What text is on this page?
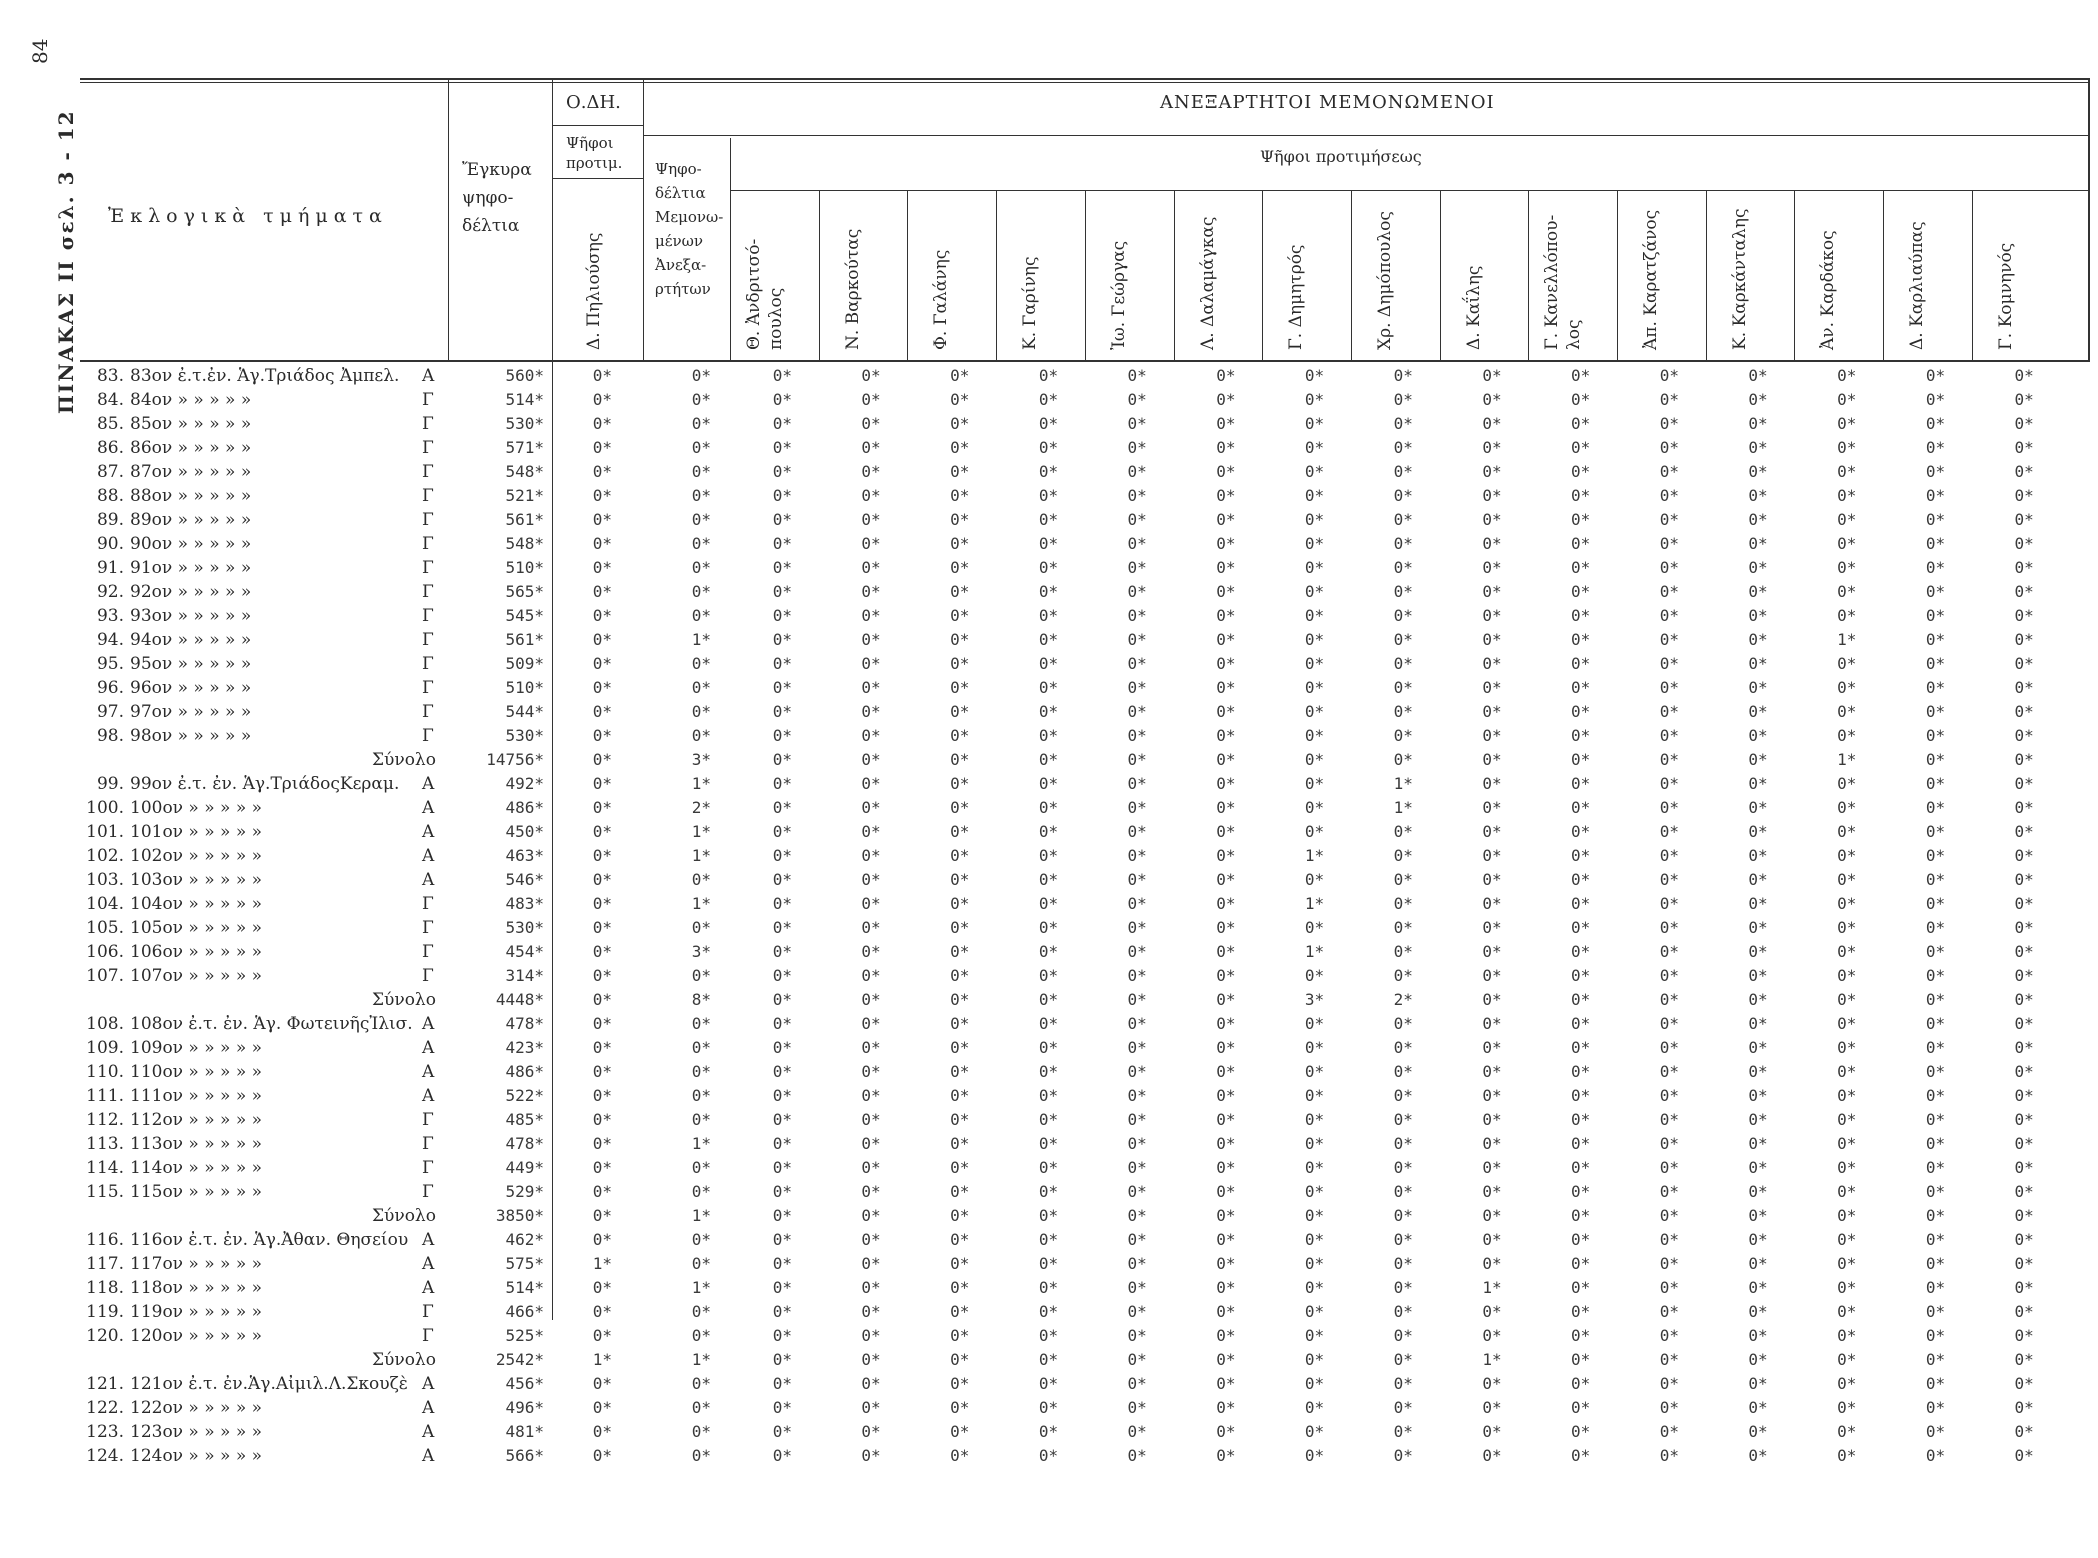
84
ΠΙΝΑΚΑΣ II σελ. 3 - 12 Ἐκλογικὰ τμήματα
Ἔγκυρα
ψηφο-
δέλτια
Ο.ΔΗ.
Ψῆφοι
προτιμ.
Δ. Πηλιούσης
ΑΝΕΞΑΡΤΗΤΟΙ ΜΕΜΟΝΩΜΕΝΟΙ
Ψηφο-
δέλτια
Μεμονω-
μένων
Ἀνεξα-
ρτήτων
Ψῆφοι προτιμήσεως
Θ. Ἀνδριτσό- πουλος	Ν. Βαρκούτας	Φ. Γαλάνης	Κ. Γαρίνης	Ἰω. Γεώργας	Λ. Δαλαμάγκας	Γ. Δημητρός	Χρ. Δημόπουλος	Δ. Καΐλης	Γ. Κανελλόπου- λος	Ἀπ. Καρατζάνος	Κ. Καρκάνταλης	Ἀν. Καρδάκος	Δ. Καρλιαύπας	Γ. Κομνηνός
83. 83ον ἐ.τ.ἐν. Ἁγ.Τριάδος Ἀμπελ. A	560*	0*	0*	0*	0*	0*	0*	0*	0*	0*	0*	0*	0*	0*	0*	0*	0*	0*
84. 84ον » » » » »	Γ	514*	0*	0*	0*	0*	0*	0*	0*	0*	0*	0*	0*	0*	0*	0*	0*	0*	0*
85. 85ον » » » » »	Γ	530*	0*	0*	0*	0*	0*	0*	0*	0*	0*	0*	0*	0*	0*	0*	0*	0*	0*
86. 86ον » » » » »	Γ	571*	0*	0*	0*	0*	0*	0*	0*	0*	0*	0*	0*	0*	0*	0*	0*	0*	0*
87. 87ον » » » » »	Γ	548*	0*	0*	0*	0*	0*	0*	0*	0*	0*	0*	0*	0*	0*	0*	0*	0*	0*
88. 88ον » » » » »	Γ	521*	0*	0*	0*	0*	0*	0*	0*	0*	0*	0*	0*	0*	0*	0*	0*	0*	0*
89. 89ον » » » » »	Γ	561*	0*	0*	0*	0*	0*	0*	0*	0*	0*	0*	0*	0*	0*	0*	0*	0*	0*
90. 90ον » » » » »	Γ	548*	0*	0*	0*	0*	0*	0*	0*	0*	0*	0*	0*	0*	0*	0*	0*	0*	0*
91. 91ον » » » » »	Γ	510*	0*	0*	0*	0*	0*	0*	0*	0*	0*	0*	0*	0*	0*	0*	0*	0*	0*
92. 92ον » » » » »	Γ	565*	0*	0*	0*	0*	0*	0*	0*	0*	0*	0*	0*	0*	0*	0*	0*	0*	0*
93. 93ον » » » » »	Γ	545*	0*	0*	0*	0*	0*	0*	0*	0*	0*	0*	0*	0*	0*	0*	0*	0*	0*
94. 94ον » » » » »	Γ	561*	0*	1*	0*	0*	0*	0*	0*	0*	0*	0*	0*	0*	0*	0*	1*	0*	0*
95. 95ον » » » » »	Γ	509*	0*	0*	0*	0*	0*	0*	0*	0*	0*	0*	0*	0*	0*	0*	0*	0*	0*
96. 96ον » » » » »	Γ	510*	0*	0*	0*	0*	0*	0*	0*	0*	0*	0*	0*	0*	0*	0*	0*	0*	0*
97. 97ον » » » » »	Γ	544*	0*	0*	0*	0*	0*	0*	0*	0*	0*	0*	0*	0*	0*	0*	0*	0*	0*
98. 98ον » » » » »	Γ	530*	0*	0*	0*	0*	0*	0*	0*	0*	0*	0*	0*	0*	0*	0*	0*	0*	0*
Σύνολο	14756*	0*	3*	0*	0*	0*	0*	0*	0*	0*	0*	0*	0*	0*	0*	1*	0*	0*
99. 99ον ἐ.τ. ἐν. Ἁγ.ΤριάδοςΚεραμ. A	492*	0*	1*	0*	0*	0*	0*	0*	0*	0*	1*	0*	0*	0*	0*	0*	0*	0*
100. 100ον » » » » »	A	486*	0*	2*	0*	0*	0*	0*	0*	0*	0*	1*	0*	0*	0*	0*	0*	0*	0*
101. 101ον » » » » »	A	450*	0*	1*	0*	0*	0*	0*	0*	0*	0*	0*	0*	0*	0*	0*	0*	0*	0*
102. 102ον » » » » »	A	463*	0*	1*	0*	0*	0*	0*	0*	0*	1*	0*	0*	0*	0*	0*	0*	0*	0*
103. 103ον » » » » »	A	546*	0*	0*	0*	0*	0*	0*	0*	0*	0*	0*	0*	0*	0*	0*	0*	0*	0*
104. 104ον » » » » »	Γ	483*	0*	1*	0*	0*	0*	0*	0*	0*	1*	0*	0*	0*	0*	0*	0*	0*	0*
105. 105ον » » » » »	Γ	530*	0*	0*	0*	0*	0*	0*	0*	0*	0*	0*	0*	0*	0*	0*	0*	0*	0*
106. 106ον » » » » »	Γ	454*	0*	3*	0*	0*	0*	0*	0*	0*	1*	0*	0*	0*	0*	0*	0*	0*	0*
107. 107ον » » » » »	Γ	314*	0*	0*	0*	0*	0*	0*	0*	0*	0*	0*	0*	0*	0*	0*	0*	0*	0*
Σύνολο	4448*	0*	8*	0*	0*	0*	0*	0*	0*	3*	2*	0*	0*	0*	0*	0*	0*	0*
108. 108ον ἐ.τ. ἐν. Ἁγ. ΦωτεινῆςἸλισ. A	478*	0*	0*	0*	0*	0*	0*	0*	0*	0*	0*	0*	0*	0*	0*	0*	0*	0*
109. 109ον » » » » »	A	423*	0*	0*	0*	0*	0*	0*	0*	0*	0*	0*	0*	0*	0*	0*	0*	0*	0*
110. 110ον » » » » »	A	486*	0*	0*	0*	0*	0*	0*	0*	0*	0*	0*	0*	0*	0*	0*	0*	0*	0*
111. 111ον » » » » »	A	522*	0*	0*	0*	0*	0*	0*	0*	0*	0*	0*	0*	0*	0*	0*	0*	0*	0*
112. 112ον » » » » »	Γ	485*	0*	0*	0*	0*	0*	0*	0*	0*	0*	0*	0*	0*	0*	0*	0*	0*	0*
113. 113ον » » » » »	Γ	478*	0*	1*	0*	0*	0*	0*	0*	0*	0*	0*	0*	0*	0*	0*	0*	0*	0*
114. 114ον » » » » »	Γ	449*	0*	0*	0*	0*	0*	0*	0*	0*	0*	0*	0*	0*	0*	0*	0*	0*	0*
115. 115ον » » » » »	Γ	529*	0*	0*	0*	0*	0*	0*	0*	0*	0*	0*	0*	0*	0*	0*	0*	0*	0*
Σύνολο	3850*	0*	1*	0*	0*	0*	0*	0*	0*	0*	0*	0*	0*	0*	0*	0*	0*	0*
116. 116ον ἐ.τ. ἐν. Ἁγ.Ἀθαν. Θησείου A	462*	0*	0*	0*	0*	0*	0*	0*	0*	0*	0*	0*	0*	0*	0*	0*	0*	0*
117. 117ον » » » » »	A	575*	1*	0*	0*	0*	0*	0*	0*	0*	0*	0*	0*	0*	0*	0*	0*	0*	0*
118. 118ον » » » » »	A	514*	0*	1*	0*	0*	0*	0*	0*	0*	0*	0*	1*	0*	0*	0*	0*	0*	0*
119. 119ον » » » » »	Γ	466*	0*	0*	0*	0*	0*	0*	0*	0*	0*	0*	0*	0*	0*	0*	0*	0*	0*
120. 120ον » » » » »	Γ	525*	0*	0*	0*	0*	0*	0*	0*	0*	0*	0*	0*	0*	0*	0*	0*	0*	0*
Σύνολο	2542*	1*	1*	0*	0*	0*	0*	0*	0*	0*	0*	1*	0*	0*	0*	0*	0*	0*
121. 121ον ἐ.τ. ἐν.Ἁγ.Αἰμιλ.Λ.Σκουζὲ A	456*	0*	0*	0*	0*	0*	0*	0*	0*	0*	0*	0*	0*	0*	0*	0*	0*	0*
122. 122ον » » » » »	A	496*	0*	0*	0*	0*	0*	0*	0*	0*	0*	0*	0*	0*	0*	0*	0*	0*	0*
123. 123ον » » » » »	A	481*	0*	0*	0*	0*	0*	0*	0*	0*	0*	0*	0*	0*	0*	0*	0*	0*	0*
124. 124ον » » » » »	A	566*	0*	0*	0*	0*	0*	0*	0*	0*	0*	0*	0*	0*	0*	0*	0*	0*	0*
